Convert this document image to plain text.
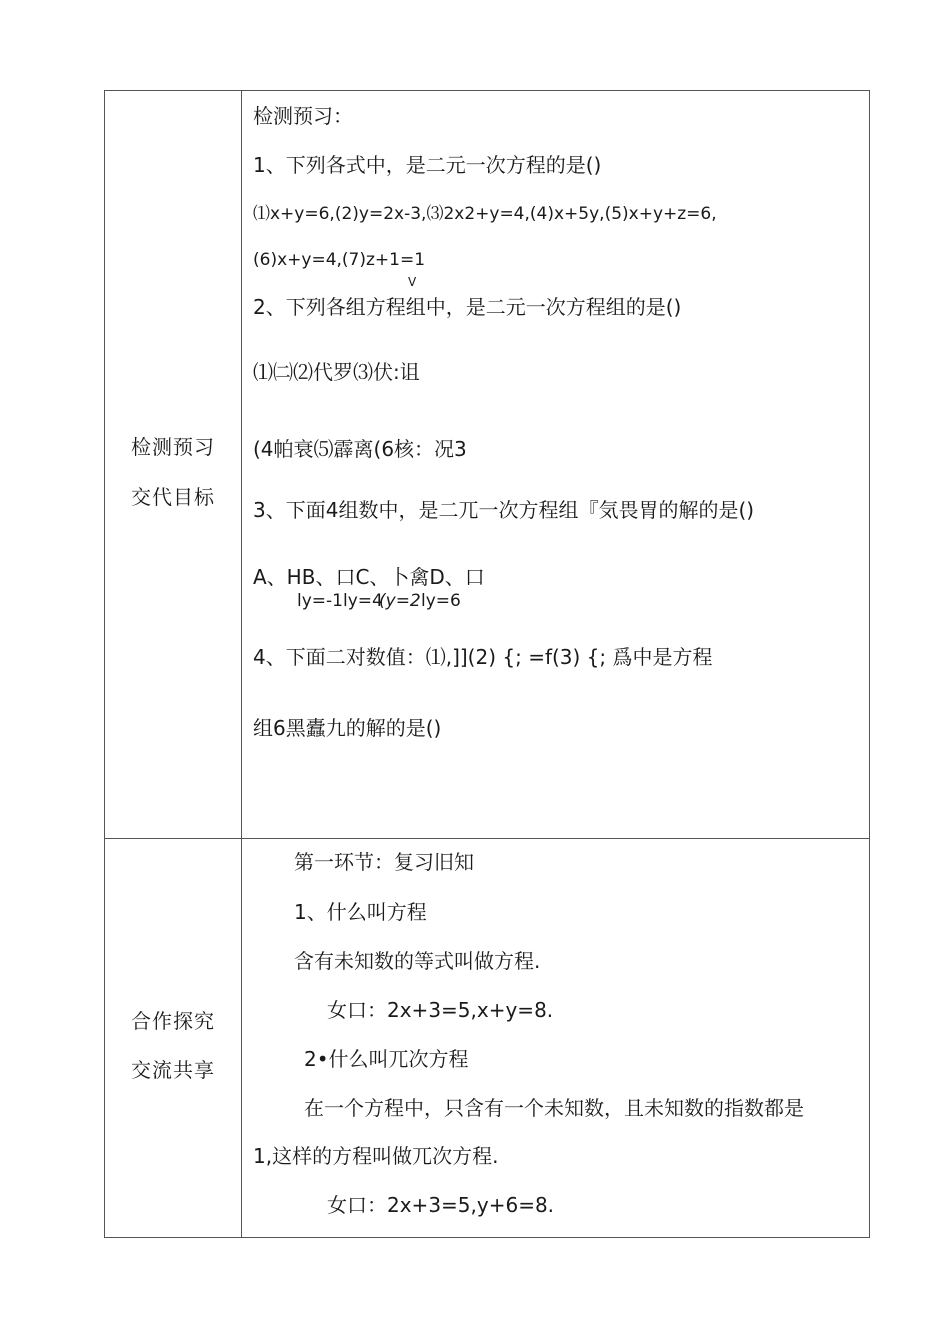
检测预习
交代目标
检测预习：
1、下列各式中，是二元一次方程的是()
⑴x+y=6,(2)y=2x-3,⑶2x2+y=4,(4)x+5y,(5)x+y+z=6,
(6)x+y=4,(7)z+1=1
V
2、下列各组方程组中，是二元一次方程组的是()
⑴㈡⑵代罗⑶伏:诅
(4帕衰⑸霹离(6核：况3
3、下面4组数中，是二兀一次方程组『気畏胃的解的是()
A、HB、口C、卜禽D、口
ly=-1ly=4
(y=2 ly=6
4、下面二对数值：⑴,]](2) {; =f(3) {; 爲中是方程
组6黑蠹九的解的是()
合作探究
交流共享
第一环节：复习旧知
1、什么叫方程
含有未知数的等式叫做方程.
女口：2x+3=5,x+y=8.
2•什么叫兀次方程
在一个方程中，只含有一个未知数，且未知数的指数都是
1,这样的方程叫做兀次方程.
女口：2x+3=5,y+6=8.
